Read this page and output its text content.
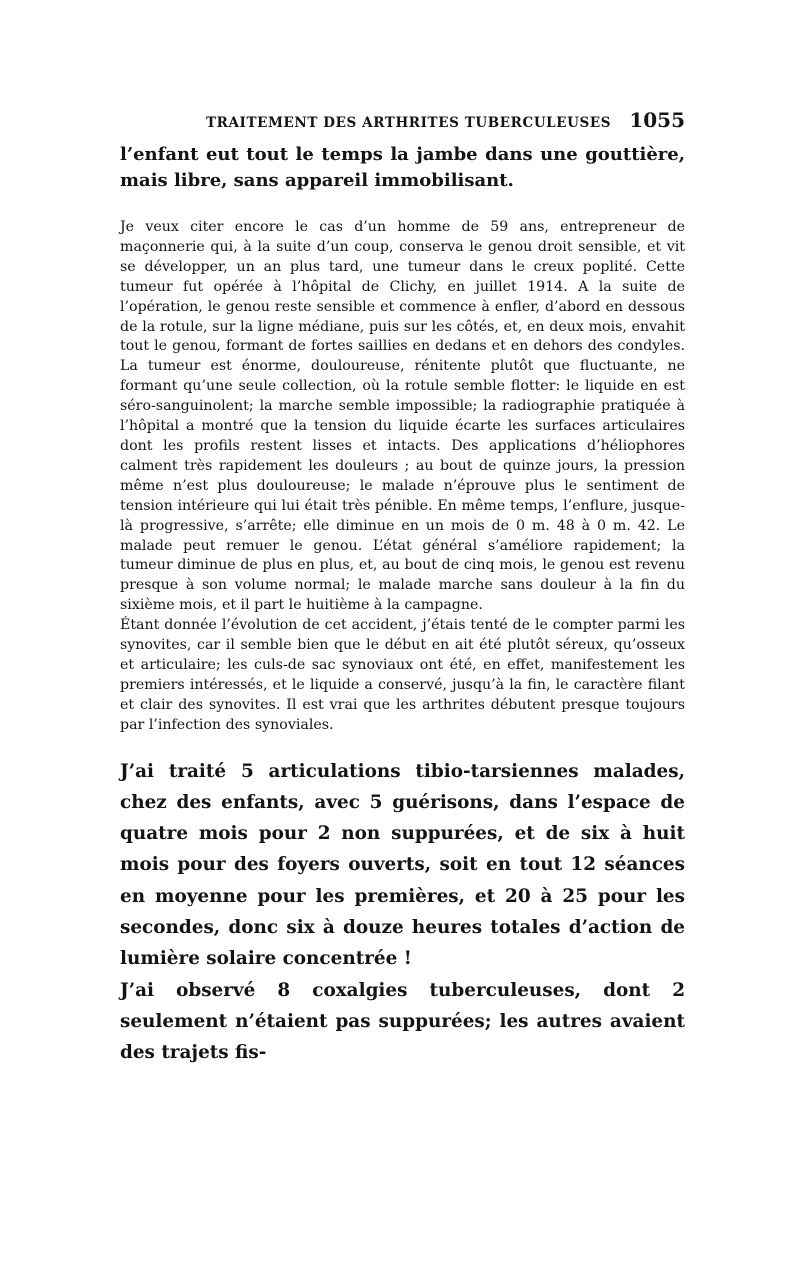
TRAITEMENT DES ARTHRITES TUBERCULEUSES 1055

l’enfant eut tout le temps la jambe dans une gouttière, mais libre, sans appareil immobilisant.

Je veux citer encore le cas d’un homme de 59 ans, entrepreneur de maçonnerie qui, à la suite d’un coup, conserva le genou droit sensible, et vit se développer, un an plus tard, une tumeur dans le creux poplité. Cette tumeur fut opérée à l’hôpital de Clichy, en juillet 1914. A la suite de l’opération, le genou reste sensible et commence à enfler, d’abord en dessous de la rotule, sur la ligne médiane, puis sur les côtés, et, en deux mois, envahit tout le genou, formant de fortes saillies en dedans et en dehors des condyles. La tumeur est énorme, douloureuse, rénitente plutôt que fluctuante, ne formant qu’une seule collection, où la rotule semble flotter: le liquide en est séro-sanguinolent; la marche semble impossible; la radiographie pratiquée à l’hôpital a montré que la tension du liquide écarte les surfaces articulaires dont les profils restent lisses et intacts. Des applications d’héliophores calment très rapidement les douleurs ; au bout de quinze jours, la pression même n’est plus douloureuse; le malade n’éprouve plus le sentiment de tension intérieure qui lui était très pénible. En même temps, l’enflure, jusque-là progressive, s’arrête; elle diminue en un mois de 0 m. 48 à 0 m. 42. Le malade peut remuer le genou. L’état général s’améliore rapidement; la tumeur diminue de plus en plus, et, au bout de cinq mois, le genou est revenu presque à son volume normal; le malade marche sans douleur à la fin du sixième mois, et il part le huitième à la campagne.

Étant donnée l’évolution de cet accident, j’étais tenté de le compter parmi les synovites, car il semble bien que le début en ait été plutôt séreux, qu’osseux et articulaire; les culs-de sac synoviaux ont été, en effet, manifestement les premiers intéressés, et le liquide a conservé, jusqu’à la fin, le caractère filant et clair des synovites. Il est vrai que les arthrites débutent presque toujours par l’infection des synoviales.

J’ai traité 5 articulations tibio-tarsiennes malades, chez des enfants, avec 5 guérisons, dans l’espace de quatre mois pour 2 non suppurées, et de six à huit mois pour des foyers ouverts, soit en tout 12 séances en moyenne pour les premières, et 20 à 25 pour les secondes, donc six à douze heures totales d’action de lumière solaire concentrée !

J’ai observé 8 coxalgies tuberculeuses, dont 2 seulement n’étaient pas suppurées; les autres avaient des trajets fis-
